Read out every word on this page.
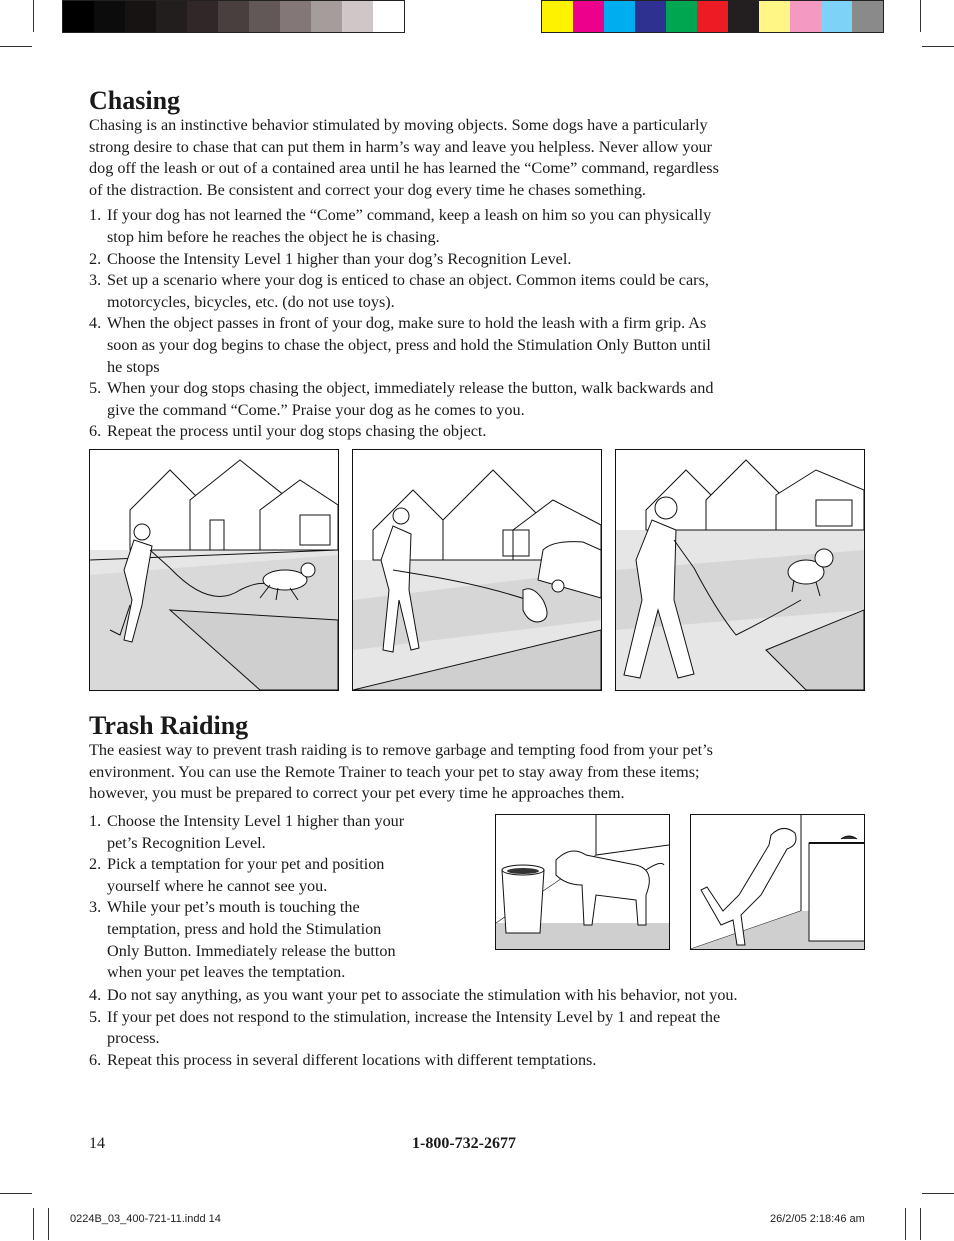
Chasing

Chasing is an instinctive behavior stimulated by moving objects. Some dogs have a particularly
strong desire to chase that can put them in harm’s way and leave you helpless. Never allow your
dog off the leash or out of a contained area until he has learned the “Come” command, regardless
of the distraction. Be consistent and correct your dog every time he chases something.

1. If your dog has not learned the “Come” command, keep a leash on him so you can physically
stop him before he reaches the object he is chasing.
2. Choose the Intensity Level 1 higher than your dog’s Recognition Level.
3. Set up a scenario where your dog is enticed to chase an object. Common items could be cars,
motorcycles, bicycles, etc. (do not use toys).
4. When the object passes in front of your dog, make sure to hold the leash with a firm grip. As
soon as your dog begins to chase the object, press and hold the Stimulation Only Button until
he stops
5. When your dog stops chasing the object, immediately release the button, walk backwards and
give the command “Come.” Praise your dog as he comes to you.
6. Repeat the process until your dog stops chasing the object.
Trash Raiding

The easiest way to prevent trash raiding is to remove garbage and tempting food from your pet’s
environment. You can use the Remote Trainer to teach your pet to stay away from these items;
however, you must be prepared to correct your pet every time he approaches them.

1. Choose the Intensity Level 1 higher than your
pet’s Recognition Level.
2. Pick a temptation for your pet and position
yourself where he cannot see you.
3. While your pet’s mouth is touching the
temptation, press and hold the Stimulation
Only Button. Immediately release the button
when your pet leaves the temptation.
4. Do not say anything, as you want your pet to associate the stimulation with his behavior, not you.
5. If your pet does not respond to the stimulation, increase the Intensity Level by 1 and repeat the
process.
6. Repeat this process in several different locations with different temptations.
14	1-800-732-2677
0224B_03_400-721-11.indd 14	26/2/05 2:18:46 am
